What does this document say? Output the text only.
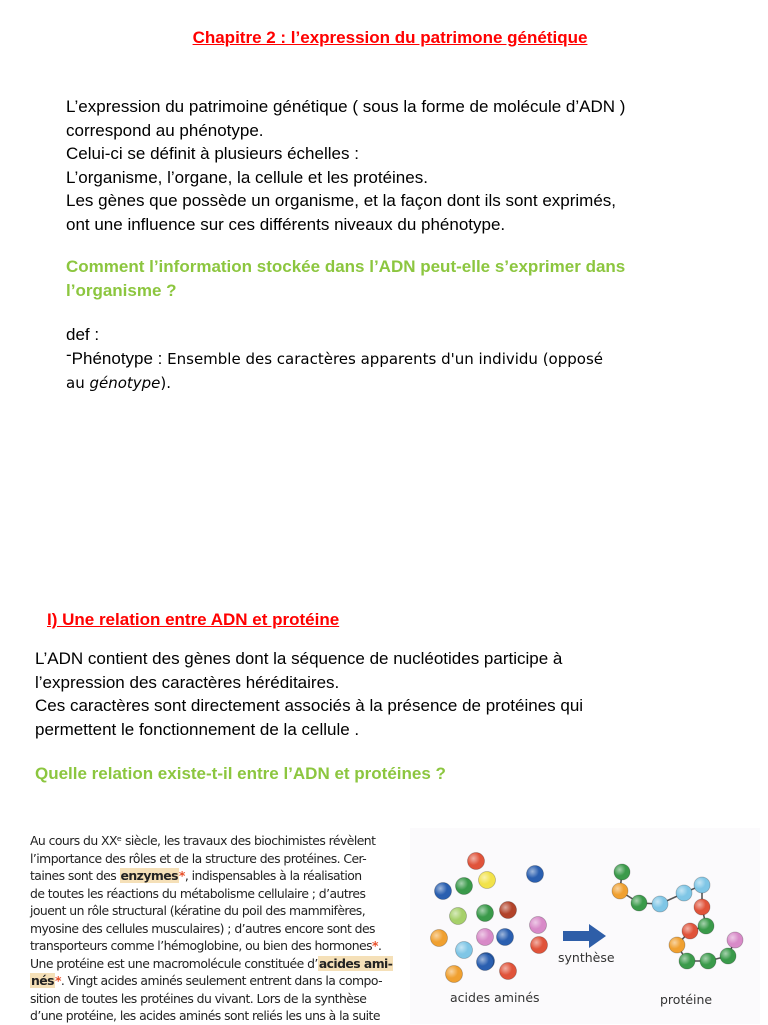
Chapitre 2 : l’expression du patrimone génétique

L’expression du patrimoine génétique ( sous la forme de molécule d’ADN )

correspond au phénotype.

Celui-ci se définit à plusieurs échelles :

L’organisme, l’organe, la cellule et les protéines.

Les gènes que possède un organisme, et la façon dont ils sont exprimés,

ont une influence sur ces différents niveaux du phénotype.

Comment l’information stockée dans l’ADN peut-elle s’exprimer dans
l’organisme ?
def :
-Phénotype : Ensemble des caractères apparents d'un individu (opposé
au génotype).
I) Une relation entre ADN et protéine

L’ADN contient des gènes dont la séquence de nucléotides participe à

l’expression des caractères héréditaires.

Ces caractères sont directement associés à la présence de protéines qui

permettent le fonctionnement de la cellule .

Quelle relation existe-t-il entre l’ADN et protéines ?
Au cours du XXᵉ siècle, les travaux des biochimistes révèlent
l’importance des rôles et de la structure des protéines. Cer-
taines sont des enzymes*, indispensables à la réalisation
de toutes les réactions du métabolisme cellulaire ; d’autres
jouent un rôle structural (kératine du poil des mammifères,
myosine des cellules musculaires) ; d’autres encore sont des
transporteurs comme l’hémoglobine, ou bien des hormones*.
Une protéine est une macromolécule constituée d’acides ami-
nés*. Vingt acides aminés seulement entrent dans la compo-
sition de toutes les protéines du vivant. Lors de la synthèse
d’une protéine, les acides aminés sont reliés les uns à la suite
synthèse
acides aminés	protéine
